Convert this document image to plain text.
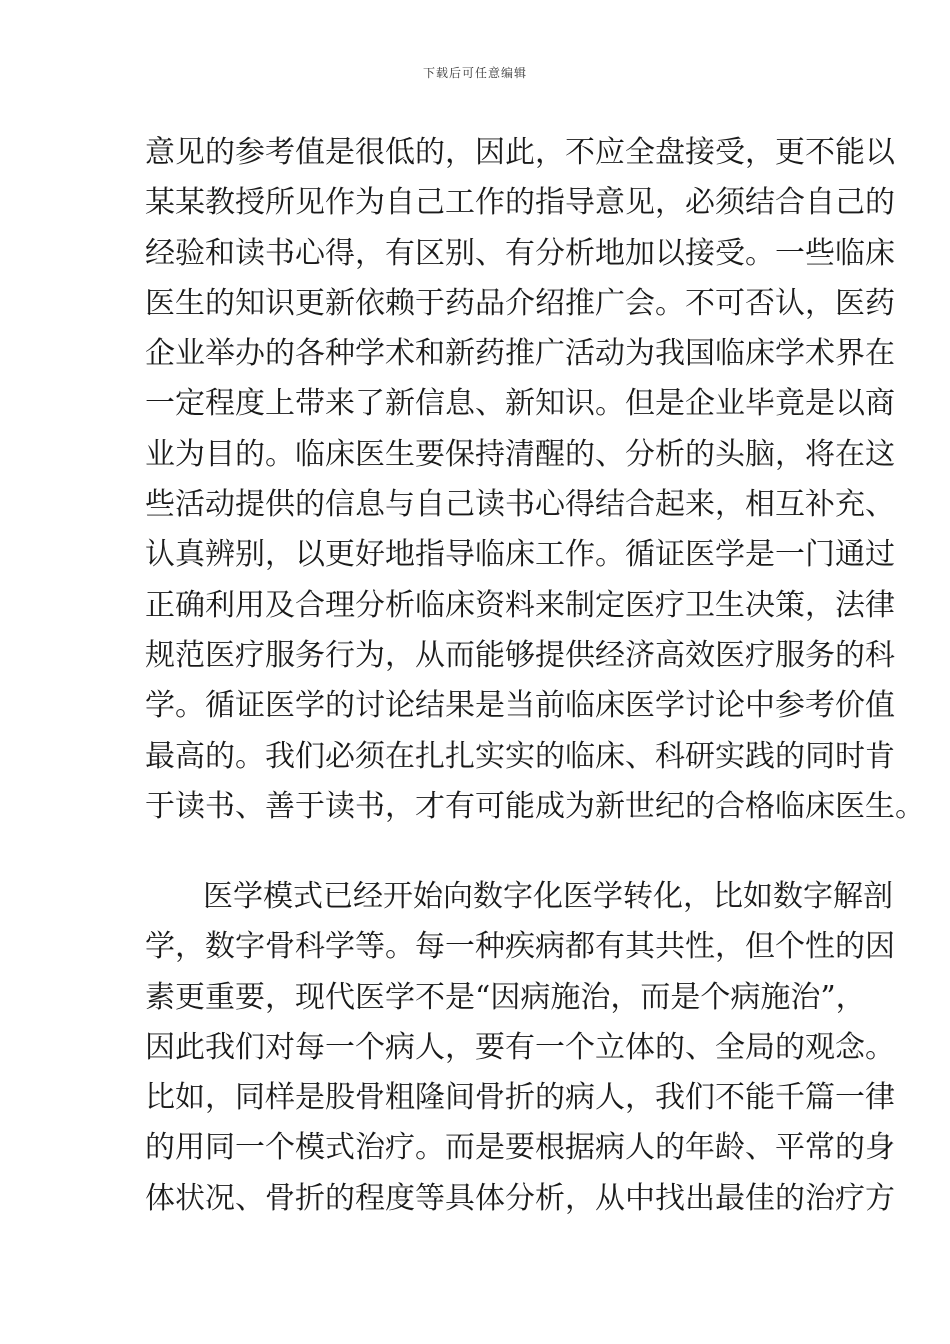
下载后可任意编辑
意见的参考值是很低的，因此，不应全盘接受，更不能以
某某教授所见作为自己工作的指导意见，必须结合自己的
经验和读书心得，有区别、有分析地加以接受。一些临床
医生的知识更新依赖于药品介绍推广会。不可否认，医药
企业举办的各种学术和新药推广活动为我国临床学术界在
一定程度上带来了新信息、新知识。但是企业毕竟是以商
业为目的。临床医生要保持清醒的、分析的头脑，将在这
些活动提供的信息与自己读书心得结合起来，相互补充、
认真辨别，以更好地指导临床工作。循证医学是一门通过
正确利用及合理分析临床资料来制定医疗卫生决策，法律
规范医疗服务行为，从而能够提供经济高效医疗服务的科
学。循证医学的讨论结果是当前临床医学讨论中参考价值
最高的。我们必须在扎扎实实的临床、科研实践的同时肯
于读书、善于读书，才有可能成为新世纪的合格临床医生。
医学模式已经开始向数字化医学转化，比如数字解剖
学，数字骨科学等。每一种疾病都有其共性，但个性的因
素更重要，现代医学不是“因病施治，而是个病施治”，
因此我们对每一个病人，要有一个立体的、全局的观念。
比如，同样是股骨粗隆间骨折的病人，我们不能千篇一律
的用同一个模式治疗。而是要根据病人的年龄、平常的身
体状况、骨折的程度等具体分析，从中找出最佳的治疗方
